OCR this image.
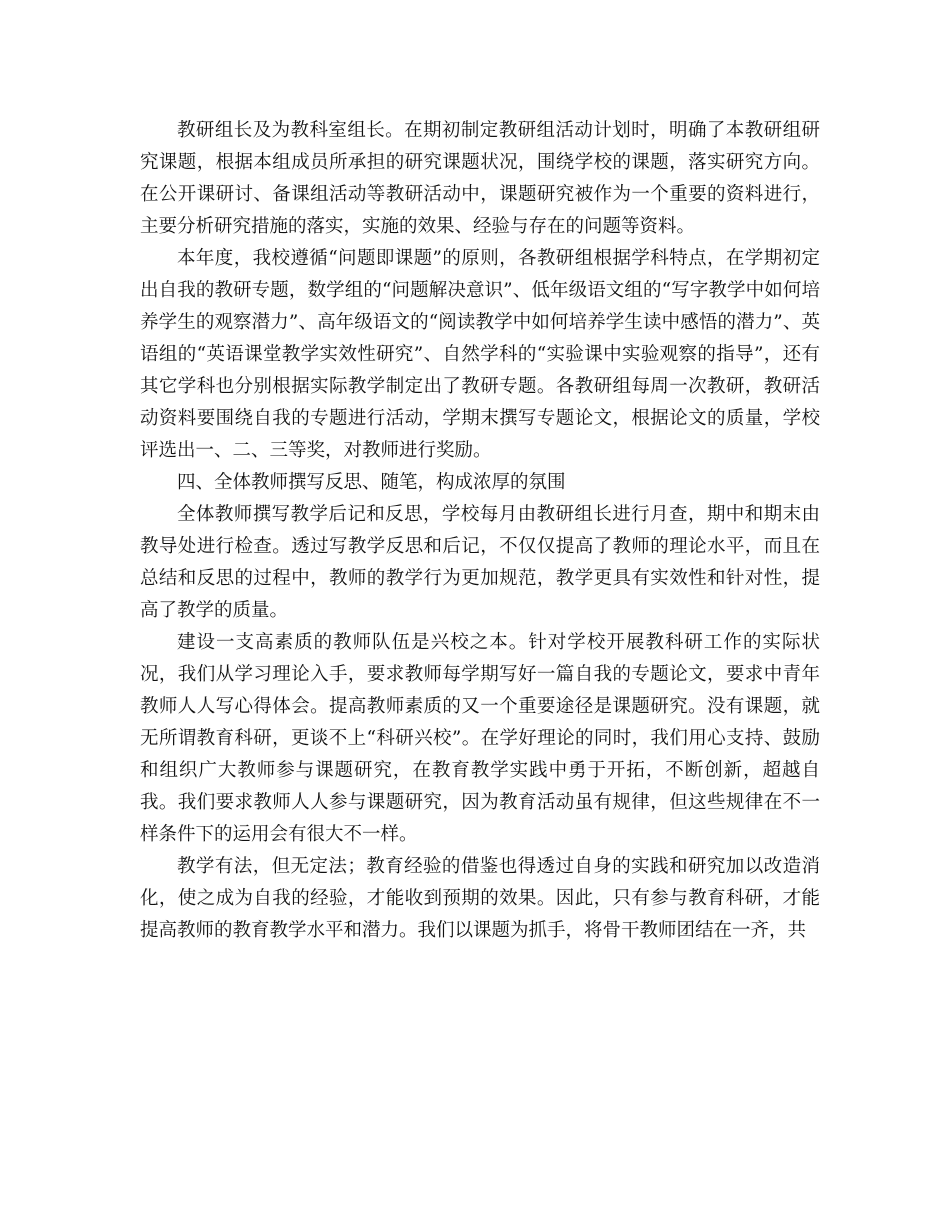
教研组长及为教科室组长。在期初制定教研组活动计划时，明确了本教研组研究课题，根据本组成员所承担的研究课题状况，围绕学校的课题，落实研究方向。在公开课研讨、备课组活动等教研活动中，课题研究被作为一个重要的资料进行，主要分析研究措施的落实，实施的效果、经验与存在的问题等资料。

本年度，我校遵循“问题即课题”的原则，各教研组根据学科特点，在学期初定出自我的教研专题，数学组的“问题解决意识”、低年级语文组的“写字教学中如何培养学生的观察潜力”、高年级语文的“阅读教学中如何培养学生读中感悟的潜力”、英语组的“英语课堂教学实效性研究”、自然学科的“实验课中实验观察的指导”，还有其它学科也分别根据实际教学制定出了教研专题。各教研组每周一次教研，教研活动资料要围绕自我的专题进行活动，学期末撰写专题论文，根据论文的质量，学校评选出一、二、三等奖，对教师进行奖励。

四、全体教师撰写反思、随笔，构成浓厚的氛围

全体教师撰写教学后记和反思，学校每月由教研组长进行月查，期中和期末由教导处进行检查。透过写教学反思和后记，不仅仅提高了教师的理论水平，而且在总结和反思的过程中，教师的教学行为更加规范，教学更具有实效性和针对性，提高了教学的质量。

建设一支高素质的教师队伍是兴校之本。针对学校开展教科研工作的实际状况，我们从学习理论入手，要求教师每学期写好一篇自我的专题论文，要求中青年教师人人写心得体会。提高教师素质的又一个重要途径是课题研究。没有课题，就无所谓教育科研，更谈不上“科研兴校”。在学好理论的同时，我们用心支持、鼓励和组织广大教师参与课题研究，在教育教学实践中勇于开拓，不断创新，超越自我。我们要求教师人人参与课题研究，因为教育活动虽有规律，但这些规律在不一样条件下的运用会有很大不一样。

教学有法，但无定法；教育经验的借鉴也得透过自身的实践和研究加以改造消化，使之成为自我的经验，才能收到预期的效果。因此，只有参与教育科研，才能提高教师的教育教学水平和潜力。我们以课题为抓手，将骨干教师团结在一齐，共
